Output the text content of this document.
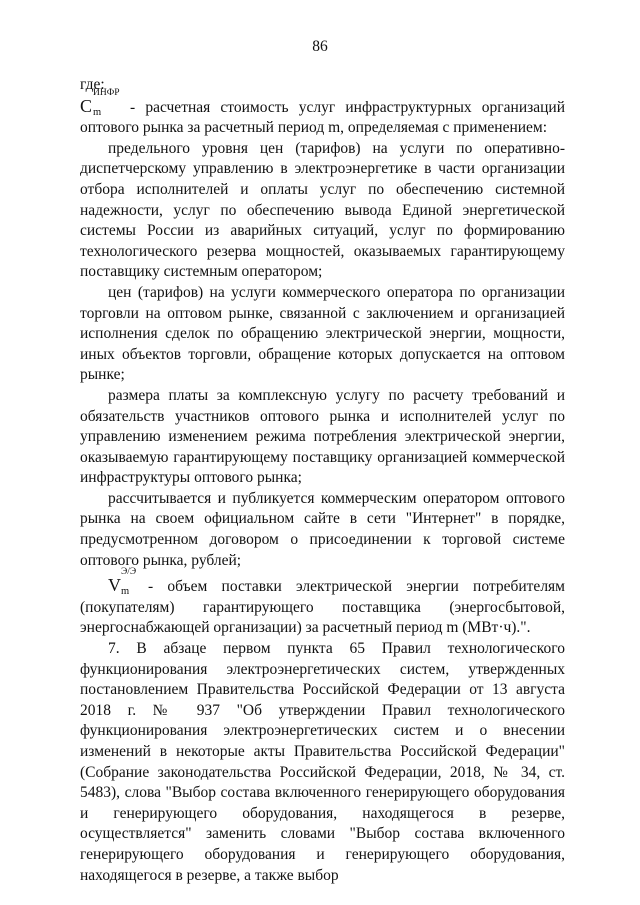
86

где:

С
ИНФР
m - расчетная стоимость услуг инфраструктурных организаций

оптового рынка за расчетный период m, определяемая с применением:

предельного уровня цен (тарифов) на услуги по оперативно-диспетчерскому управлению в электроэнергетике в части организации отбора исполнителей и оплаты услуг по обеспечению системной надежности, услуг по обеспечению вывода Единой энергетической системы России из аварийных ситуаций, услуг по формированию технологического резерва мощностей, оказываемых гарантирующему поставщику системным оператором;

цен (тарифов) на услуги коммерческого оператора по организации торговли на оптовом рынке, связанной с заключением и организацией исполнения сделок по обращению электрической энергии, мощности, иных объектов торговли, обращение которых допускается на оптовом рынке;

размера платы за комплексную услугу по расчету требований и обязательств участников оптового рынка и исполнителей услуг по управлению изменением режима потребления электрической энергии, оказываемую гарантирующему поставщику организацией коммерческой инфраструктуры оптового рынка;

рассчитывается и публикуется коммерческим оператором оптового рынка на своем официальном сайте в сети "Интернет" в порядке, предусмотренном договором о присоединении к торговой системе оптового рынка, рублей;

V
Э/Э
m - объем поставки электрической энергии потребителям

(покупателям) гарантирующего поставщика (энергосбытовой, энергоснабжающей организации) за расчетный период m (МВт·ч).".

7. В абзаце первом пункта 65 Правил технологического функционирования электроэнергетических систем, утвержденных постановлением Правительства Российской Федерации от 13 августа 2018 г. № 937 "Об утверждении Правил технологического функционирования электроэнергетических систем и о внесении изменений в некоторые акты Правительства Российской Федерации" (Собрание законодательства Российской Федерации, 2018, № 34, ст. 5483), слова "Выбор состава включенного генерирующего оборудования и генерирующего оборудования, находящегося в резерве, осуществляется" заменить словами "Выбор состава включенного генерирующего оборудования и генерирующего оборудования, находящегося в резерве, а также выбор
